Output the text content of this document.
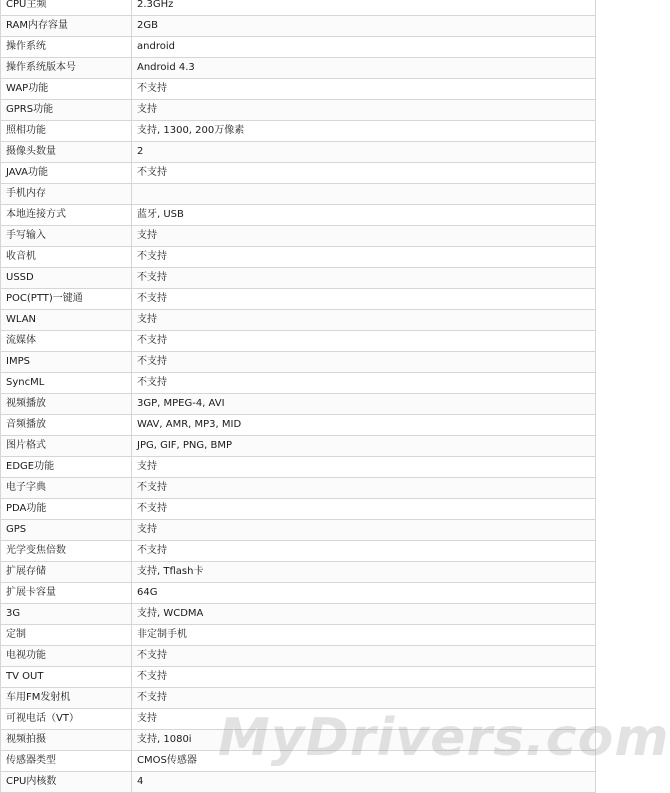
CPU主频	2.3GHz
RAM内存容量	2GB
操作系统	android
操作系统版本号	Android 4.3
WAP功能	不支持
GPRS功能	支持
照相功能	支持, 1300, 200万像素
摄像头数量	2
JAVA功能	不支持
手机内存	
本地连接方式	蓝牙, USB
手写输入	支持
收音机	不支持
USSD	不支持
POC(PTT)一键通	不支持
WLAN	支持
流媒体	不支持
IMPS	不支持
SyncML	不支持
视频播放	3GP, MPEG-4, AVI
音频播放	WAV, AMR, MP3, MID
图片格式	JPG, GIF, PNG, BMP
EDGE功能	支持
电子字典	不支持
PDA功能	不支持
GPS	支持
光学变焦倍数	不支持
扩展存储	支持, Tflash卡
扩展卡容量	64G
3G	支持, WCDMA
定制	非定制手机
电视功能	不支持
TV OUT	不支持
车用FM发射机	不支持
可视电话（VT）	支持
视频拍摄	支持, 1080i
传感器类型	CMOS传感器
CPU内核数	4
MyDrivers.com
